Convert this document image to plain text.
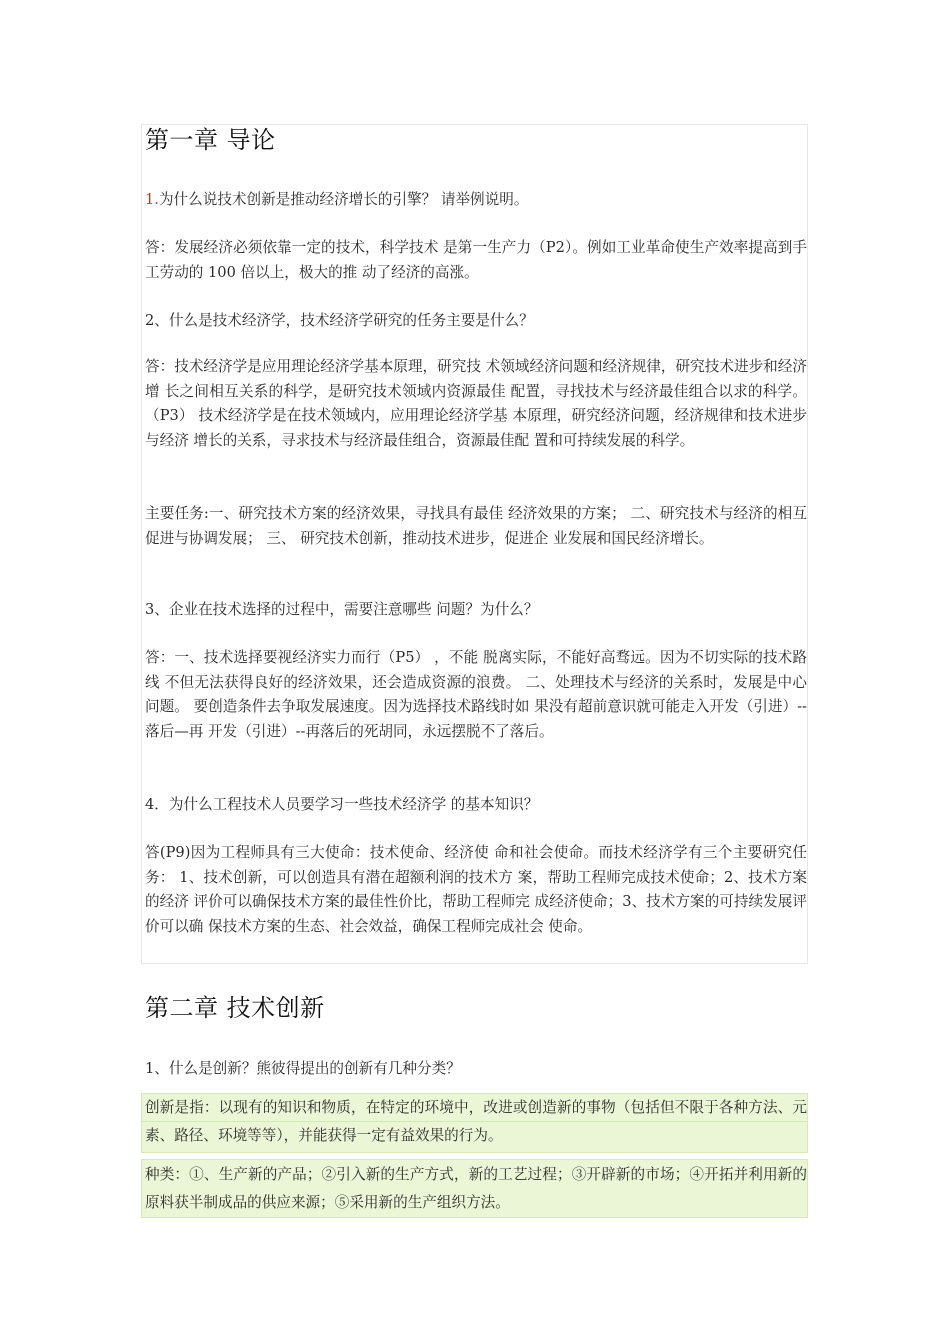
第一章 导论

1.为什么说技术创新是推动经济增长的引擎？ 请举例说明。

答：发展经济必须依靠一定的技术，科学技术 是第一生产力（P2）。例如工业革命使生产效率提高到手工劳动的 100 倍以上，极大的推 动了经济的高涨。

2、什么是技术经济学，技术经济学研究的任务主要是什么？

答：技术经济学是应用理论经济学基本原理，研究技 术领域经济问题和经济规律，研究技术进步和经济增 长之间相互关系的科学，是研究技术领域内资源最佳 配置，寻找技术与经济最佳组合以求的科学。（P3） 技术经济学是在技术领域内，应用理论经济学基 本原理，研究经济问题，经济规律和技术进步与经济 增长的关系，寻求技术与经济最佳组合，资源最佳配 置和可持续发展的科学。

主要任务:一、研究技术方案的经济效果，寻找具有最佳 经济效果的方案； 二、研究技术与经济的相互促进与协调发展； 三、 研究技术创新，推动技术进步，促进企 业发展和国民经济增长。

3、企业在技术选择的过程中，需要注意哪些 问题？为什么？

答：一、技术选择要视经济实力而行（P5） ，不能 脱离实际，不能好高骛远。因为不切实际的技术路线 不但无法获得良好的经济效果，还会造成资源的浪费。 二、处理技术与经济的关系时，发展是中心问题。 要创造条件去争取发展速度。因为选择技术路线时如 果没有超前意识就可能走入开发（引进）--落后—再 开发（引进）--再落后的死胡同，永远摆脱不了落后。

4．为什么工程技术人员要学习一些技术经济学 的基本知识？

答(P9)因为工程师具有三大使命：技术使命、经济使 命和社会使命。而技术经济学有三个主要研究任务： 1、技术创新，可以创造具有潜在超额利润的技术方 案，帮助工程师完成技术使命；2、技术方案的经济 评价可以确保技术方案的最佳性价比，帮助工程师完 成经济使命；3、技术方案的可持续发展评价可以确 保技术方案的生态、社会效益，确保工程师完成社会 使命。

第二章 技术创新

1、什么是创新？熊彼得提出的创新有几种分类？

创新是指：以现有的知识和物质，在特定的环境中，改进或创造新的事物（包括但不限于各种方法、元素、路径、环境等等），并能获得一定有益效果的行为。

种类：①、生产新的产品；②引入新的生产方式，新的工艺过程；③开辟新的市场；④开拓并利用新的原料获半制成品的供应来源；⑤采用新的生产组织方法。
